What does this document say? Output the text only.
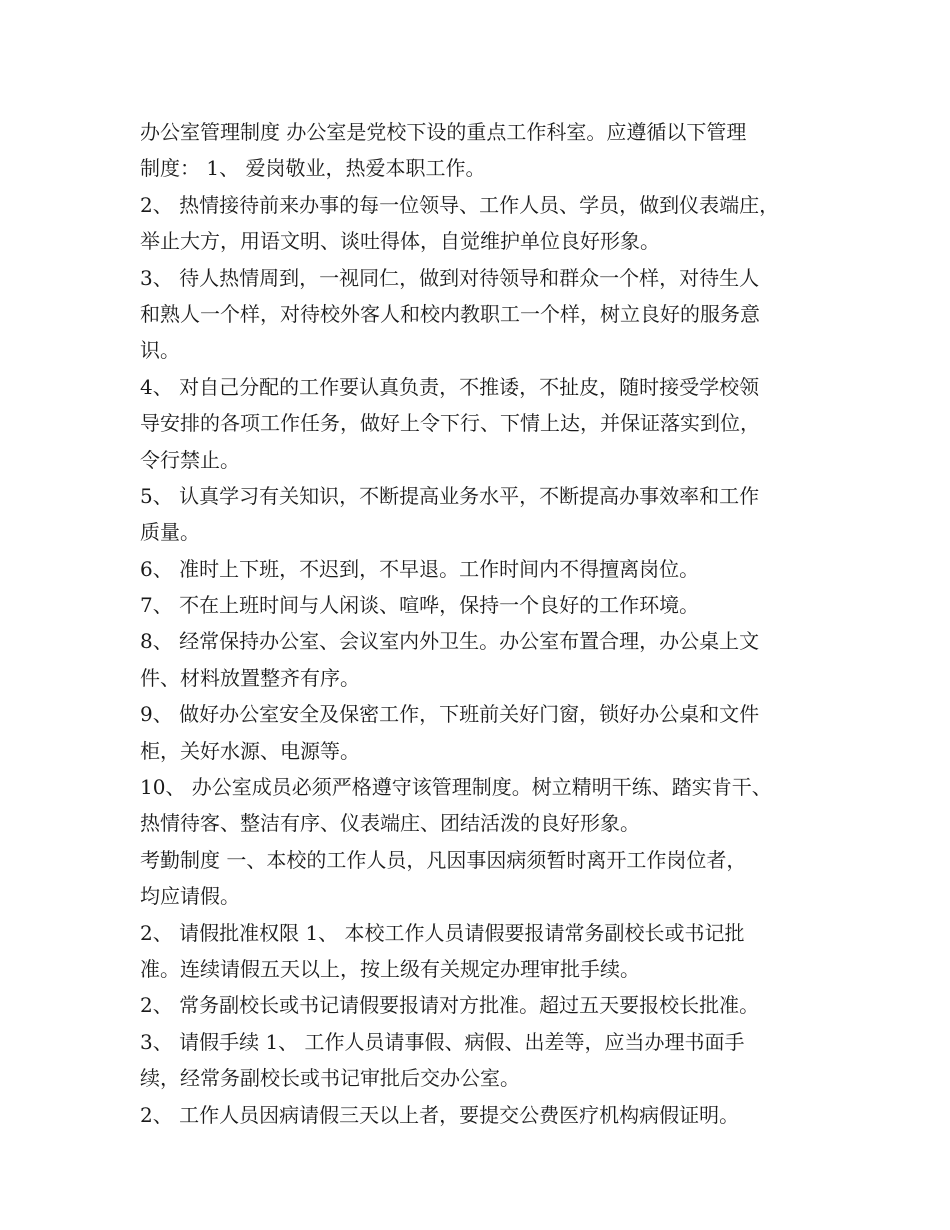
办公室管理制度 办公室是党校下设的重点工作科室。应遵循以下管理
制度： 1、 爱岗敬业，热爱本职工作。
2、 热情接待前来办事的每一位领导、工作人员、学员，做到仪表端庄，
举止大方，用语文明、谈吐得体，自觉维护单位良好形象。
3、 待人热情周到，一视同仁，做到对待领导和群众一个样，对待生人
和熟人一个样，对待校外客人和校内教职工一个样，树立良好的服务意
识。
4、 对自己分配的工作要认真负责，不推诿，不扯皮，随时接受学校领
导安排的各项工作任务，做好上令下行、下情上达，并保证落实到位，
令行禁止。
5、 认真学习有关知识，不断提高业务水平，不断提高办事效率和工作
质量。
6、 准时上下班，不迟到，不早退。工作时间内不得擅离岗位。
7、 不在上班时间与人闲谈、喧哗，保持一个良好的工作环境。
8、 经常保持办公室、会议室内外卫生。办公室布置合理，办公桌上文
件、材料放置整齐有序。
9、 做好办公室安全及保密工作，下班前关好门窗，锁好办公桌和文件
柜，关好水源、电源等。
10、 办公室成员必须严格遵守该管理制度。树立精明干练、踏实肯干、
热情待客、整洁有序、仪表端庄、团结活泼的良好形象。
考勤制度 一、本校的工作人员，凡因事因病须暂时离开工作岗位者，
均应请假。
2、 请假批准权限 1、 本校工作人员请假要报请常务副校长或书记批
准。连续请假五天以上，按上级有关规定办理审批手续。
2、 常务副校长或书记请假要报请对方批准。超过五天要报校长批准。
3、 请假手续 1、 工作人员请事假、病假、出差等，应当办理书面手
续，经常务副校长或书记审批后交办公室。
2、 工作人员因病请假三天以上者，要提交公费医疗机构病假证明。
